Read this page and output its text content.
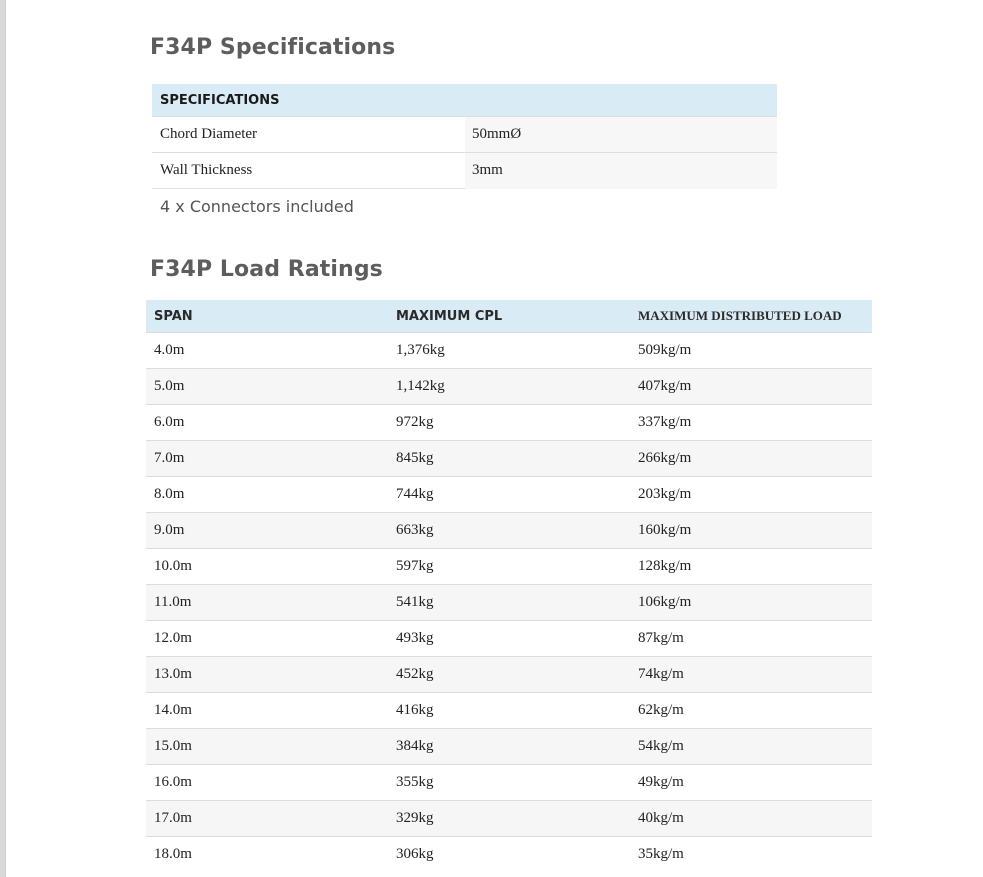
F34P Specifications
SPECIFICATIONS	
Chord Diameter	50mmØ
Wall Thickness	3mm

4 x Connectors included

F34P Load Ratings
SPAN	MAXIMUM CPL	MAXIMUM DISTRIBUTED LOAD
4.0m	1,376kg	509kg/m
5.0m	1,142kg	407kg/m
6.0m	972kg	337kg/m
7.0m	845kg	266kg/m
8.0m	744kg	203kg/m
9.0m	663kg	160kg/m
10.0m	597kg	128kg/m
11.0m	541kg	106kg/m
12.0m	493kg	87kg/m
13.0m	452kg	74kg/m
14.0m	416kg	62kg/m
15.0m	384kg	54kg/m
16.0m	355kg	49kg/m
17.0m	329kg	40kg/m
18.0m	306kg	35kg/m
